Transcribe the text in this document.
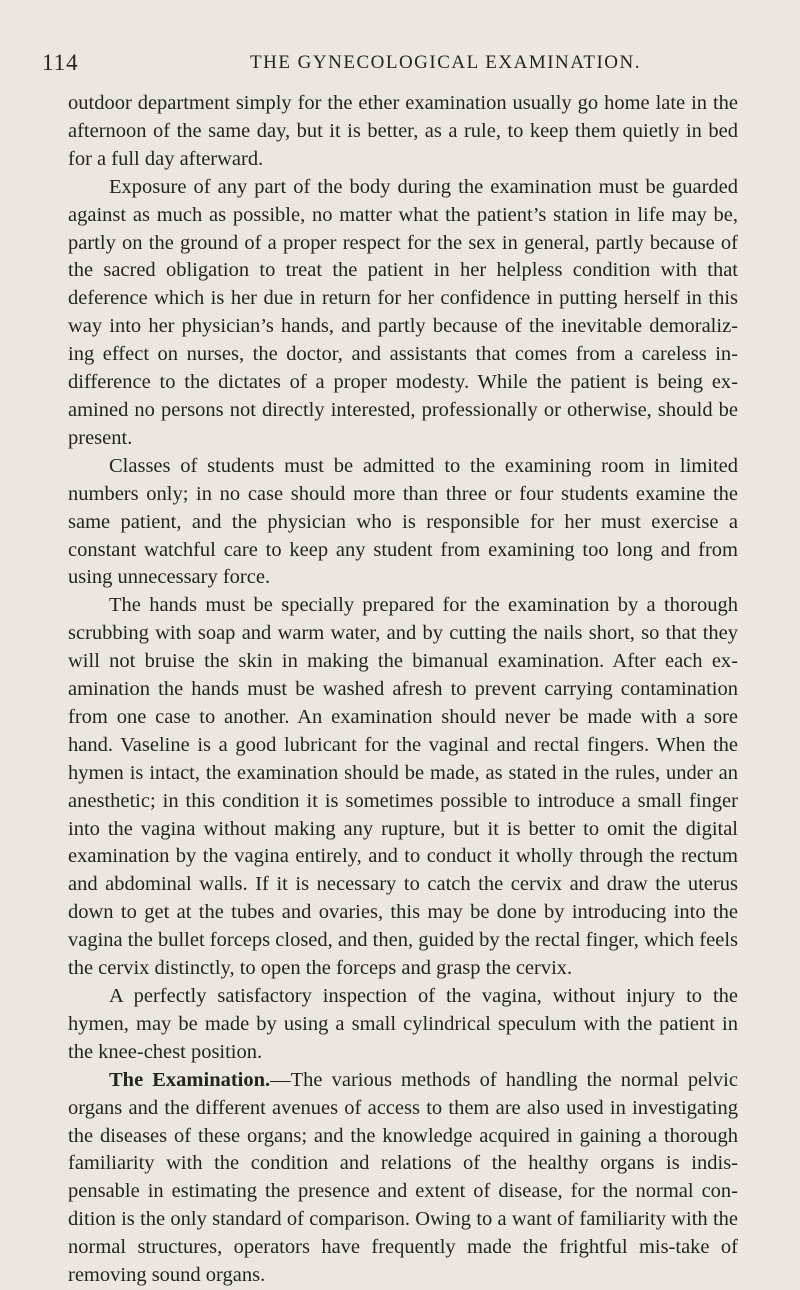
114	THE GYNECOLOGICAL EXAMINATION.

outdoor department simply for the ether examination usually go home late in the afternoon of the same day, but it is better, as a rule, to keep them quietly in bed for a full day afterward.

Exposure of any part of the body during the examination must be guarded against as much as possible, no matter what the patient’s station in life may be, partly on the ground of a proper respect for the sex in general, partly because of the sacred obligation to treat the patient in her helpless condition with that deference which is her due in return for her confidence in putting herself in this way into her physician’s hands, and partly because of the inevitable demoraliz-ing effect on nurses, the doctor, and assistants that comes from a careless in-difference to the dictates of a proper modesty. While the patient is being ex-amined no persons not directly interested, professionally or otherwise, should be present.

Classes of students must be admitted to the examining room in limited numbers only; in no case should more than three or four students examine the same patient, and the physician who is responsible for her must exercise a constant watchful care to keep any student from examining too long and from using unnecessary force.

The hands must be specially prepared for the examination by a thorough scrubbing with soap and warm water, and by cutting the nails short, so that they will not bruise the skin in making the bimanual examination. After each ex-amination the hands must be washed afresh to prevent carrying contamination from one case to another. An examination should never be made with a sore hand. Vaseline is a good lubricant for the vaginal and rectal fingers. When the hymen is intact, the examination should be made, as stated in the rules, under an anesthetic; in this condition it is sometimes possible to introduce a small finger into the vagina without making any rupture, but it is better to omit the digital examination by the vagina entirely, and to conduct it wholly through the rectum and abdominal walls. If it is necessary to catch the cervix and draw the uterus down to get at the tubes and ovaries, this may be done by introducing into the vagina the bullet forceps closed, and then, guided by the rectal finger, which feels the cervix distinctly, to open the forceps and grasp the cervix.

A perfectly satisfactory inspection of the vagina, without injury to the hymen, may be made by using a small cylindrical speculum with the patient in the knee-chest position.

The Examination.—The various methods of handling the normal pelvic organs and the different avenues of access to them are also used in investigating the diseases of these organs; and the knowledge acquired in gaining a thorough familiarity with the condition and relations of the healthy organs is indis-pensable in estimating the presence and extent of disease, for the normal con-dition is the only standard of comparison. Owing to a want of familiarity with the normal structures, operators have frequently made the frightful mis-take of removing sound organs.
